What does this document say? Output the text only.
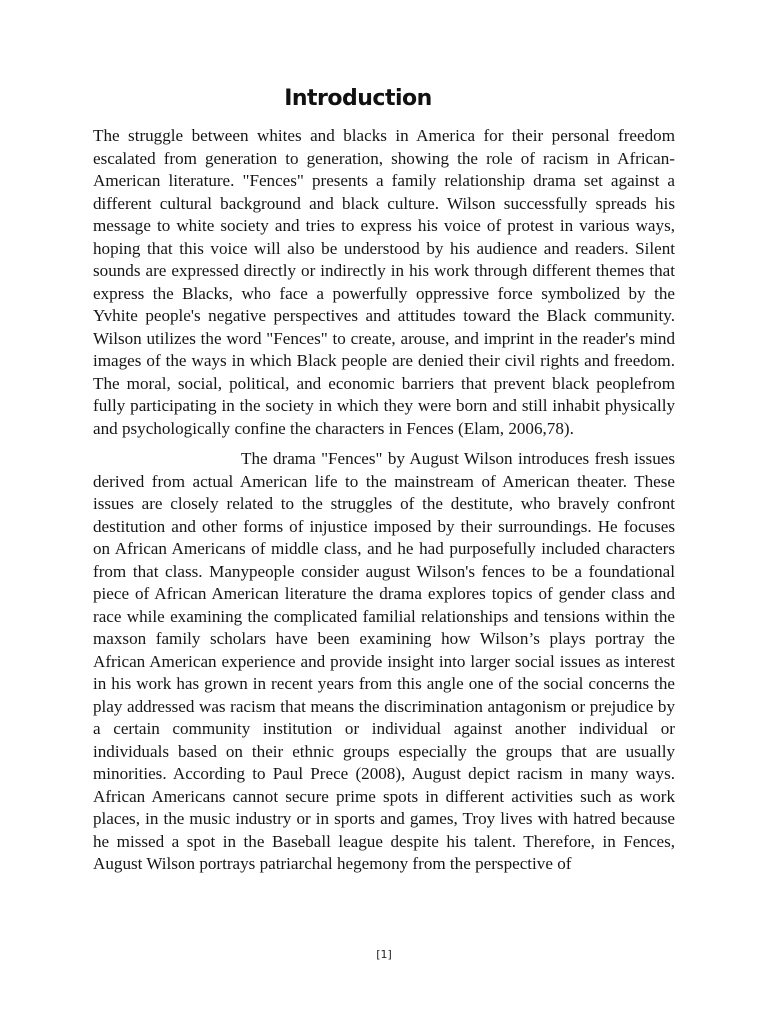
Introduction

The struggle between whites and blacks in America for their personal freedom escalated from generation to generation, showing the role of racism in African-American literature. "Fences" presents a family relationship drama set against a different cultural background and black culture. Wilson successfully spreads his message to white society and tries to express his voice of protest in various ways, hoping that this voice will also be understood by his audience and readers. Silent sounds are expressed directly or indirectly in his work through different themes that express the Blacks, who face a powerfully oppressive force symbolized by the Yvhite people's negative perspectives and attitudes toward the Black community. Wilson utilizes the word "Fences" to create, arouse, and imprint in the reader's mind images of the ways in which Black people are denied their civil rights and freedom. The moral, social, political, and economic barriers that prevent black peoplefrom fully participating in the society in which they were born and still inhabit physically and psychologically confine the characters in Fences (Elam, 2006,78).

The drama "Fences" by August Wilson introduces fresh issues derived from actual American life to the mainstream of American theater. These issues are closely related to the struggles of the destitute, who bravely confront destitution and other forms of injustice imposed by their surroundings. He focuses on African Americans of middle class, and he had purposefully included characters from that class. Manypeople consider august Wilson's fences to be a foundational piece of African American literature the drama explores topics of gender class and race while examining the complicated familial relationships and tensions within the maxson family scholars have been examining how Wilson’s plays portray the African American experience and provide insight into larger social issues as interest in his work has grown in recent years from this angle one of the social concerns the play addressed was racism that means the discrimination antagonism or prejudice by a certain community institution or individual against another individual or individuals based on their ethnic groups especially the groups that are usually minorities. According to Paul Prece (2008), August depict racism in many ways. African Americans cannot secure prime spots in different activities such as work places, in the music industry or in sports and games, Troy lives with hatred because he missed a spot in the Baseball league despite his talent. Therefore, in Fences, August Wilson portrays patriarchal hegemony from the perspective of

[1]
